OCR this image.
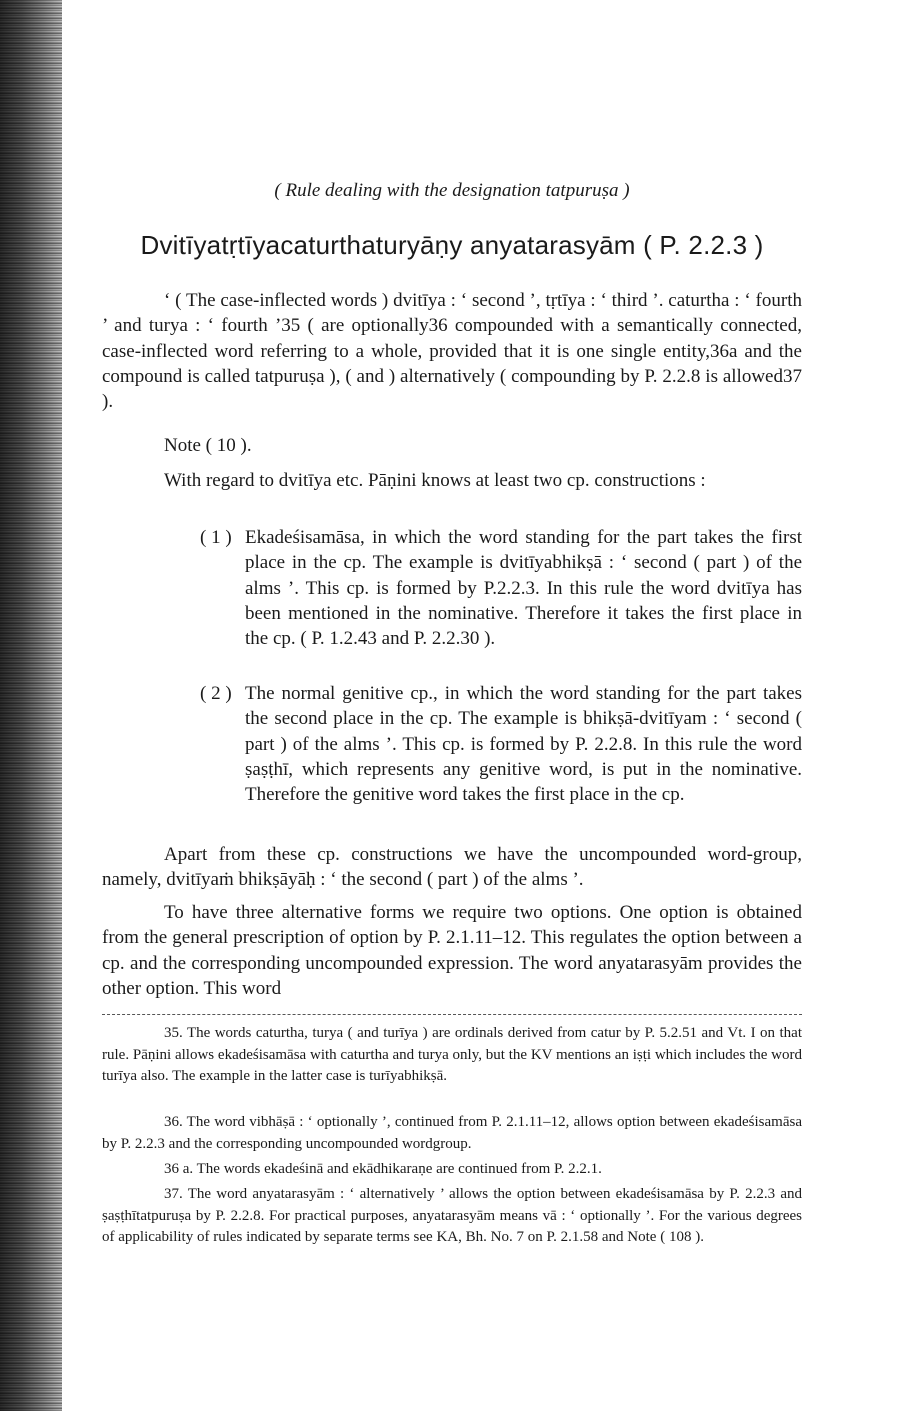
( Rule dealing with the designation tatpuruṣa )
Dvitīyatṛtīyacaturthaturyāṇy anyatarasyām ( P. 2.2.3 )
‘ ( The case-inflected words ) dvitīya : ‘ second ’, tṛtīya : ‘ third ’. caturtha : ‘ fourth ’ and turya : ‘ fourth ’35 ( are optionally36 compounded with a semantically connected, case-inflected word referring to a whole, provided that it is one single entity,36a and the compound is called tatpuruṣa ), ( and ) alternatively ( compounding by P. 2.2.8 is allowed37 ).
Note ( 10 ).
With regard to dvitīya etc. Pāṇini knows at least two cp. constructions :
( 1 ) Ekadeśisamāsa, in which the word standing for the part takes the first place in the cp. The example is dvitīyabhikṣā : ‘ second ( part ) of the alms ’. This cp. is formed by P.2.2.3. In this rule the word dvitīya has been mentioned in the nominative. Therefore it takes the first place in the cp. ( P. 1.2.43 and P. 2.2.30 ).
( 2 ) The normal genitive cp., in which the word standing for the part takes the second place in the cp. The example is bhikṣā-dvitīyam : ‘ second ( part ) of the alms ’. This cp. is formed by P. 2.2.8. In this rule the word ṣaṣṭhī, which represents any genitive word, is put in the nominative. Therefore the genitive word takes the first place in the cp.
Apart from these cp. constructions we have the uncompounded word-group, namely, dvitīyaṁ bhikṣāyāḥ : ‘ the second ( part ) of the alms ’.
To have three alternative forms we require two options. One option is obtained from the general prescription of option by P. 2.1.11–12. This regulates the option between a cp. and the corresponding uncompounded expression. The word anyatarasyām provides the other option. This word
35. The words caturtha, turya ( and turīya ) are ordinals derived from catur by P. 5.2.51 and Vt. I on that rule. Pāṇini allows ekadeśisamāsa with caturtha and turya only, but the KV mentions an iṣṭi which includes the word turīya also. The example in the latter case is turīyabhikṣā.
36. The word vibhāṣā : ‘ optionally ’, continued from P. 2.1.11–12, allows option between ekadeśisamāsa by P. 2.2.3 and the corresponding uncompounded wordgroup.
36 a. The words ekadeśinā and ekādhikaraṇe are continued from P. 2.2.1.
37. The word anyatarasyām : ‘ alternatively ’ allows the option between ekadeśisamāsa by P. 2.2.3 and ṣaṣṭhītatpuruṣa by P. 2.2.8. For practical purposes, anyatarasyām means vā : ‘ optionally ’. For the various degrees of applicability of rules indicated by separate terms see KA, Bh. No. 7 on P. 2.1.58 and Note ( 108 ).
